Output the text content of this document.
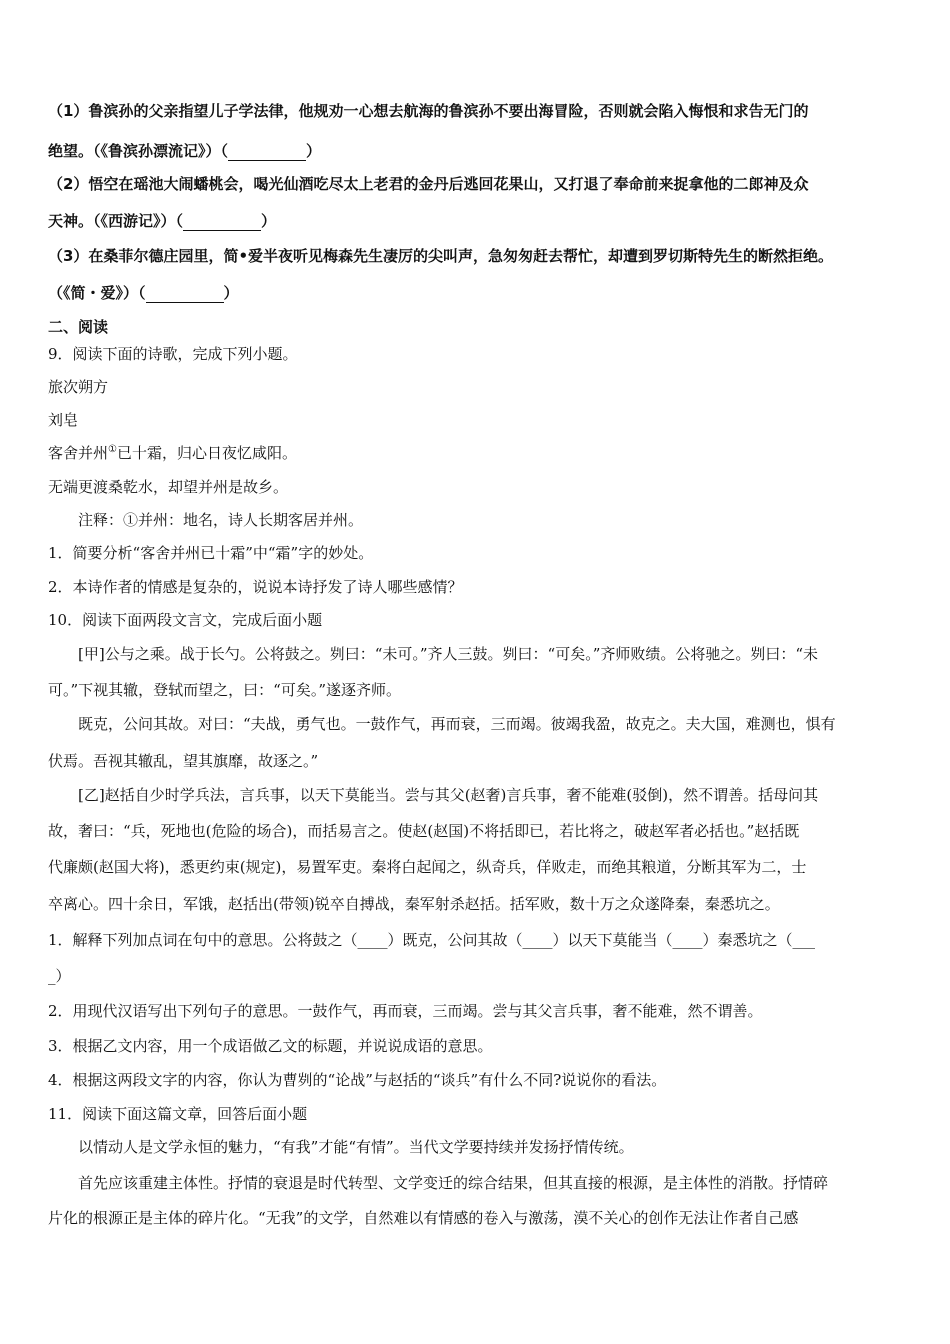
（1）鲁滨孙的父亲指望儿子学法律，他规劝一心想去航海的鲁滨孙不要出海冒险，否则就会陷入悔恨和求告无门的
绝望。（《鲁滨孙漂流记》）（	）
（2）悟空在瑶池大闹蟠桃会，喝光仙酒吃尽太上老君的金丹后逃回花果山，又打退了奉命前来捉拿他的二郎神及众
天神。（《西游记》）（	）
（3）在桑菲尔德庄园里，简•爱半夜听见梅森先生凄厉的尖叫声，急匆匆赶去帮忙，却遭到罗切斯特先生的断然拒绝。
（《简・爱》）（	）
二、阅读
9．阅读下面的诗歌，完成下列小题。
旅次朔方
刘皂
客舍并州①已十霜，归心日夜忆咸阳。
无端更渡桑乾水，却望并州是故乡。
注释：①并州：地名，诗人长期客居并州。
1．简要分析“客舍并州已十霜”中“霜”字的妙处。
2．本诗作者的情感是复杂的，说说本诗抒发了诗人哪些感情？
10．阅读下面两段文言文，完成后面小题
[甲]公与之乘。战于长勺。公将鼓之。刿曰：“未可。”齐人三鼓。刿曰：“可矣。”齐师败绩。公将驰之。刿曰：“未
可。”下视其辙，登轼而望之，曰：“可矣。”遂逐齐师。
既克，公问其故。对曰：“夫战，勇气也。一鼓作气，再而衰，三而竭。彼竭我盈，故克之。夫大国，难测也，惧有
伏焉。吾视其辙乱，望其旗靡，故逐之。”
[乙]赵括自少时学兵法，言兵事，以天下莫能当。尝与其父(赵奢)言兵事，奢不能难(驳倒)，然不谓善。括母问其
故，奢曰：“兵，死地也(危险的场合)，而括易言之。使赵(赵国)不将括即已，若比将之，破赵军者必括也。”赵括既
代廉颇(赵国大将)，悉更约束(规定)，易置军吏。秦将白起闻之，纵奇兵，佯败走，而绝其粮道，分断其军为二，士
卒离心。四十余日，军饿，赵括出(带领)锐卒自搏战，秦军射杀赵括。括军败，数十万之众遂降秦，秦悉坑之。
1．解释下列加点词在句中的意思。公将鼓之（____）既克，公问其故（____）以天下莫能当（____）秦悉坑之（___
_）
2．用现代汉语写出下列句子的意思。一鼓作气，再而衰，三而竭。尝与其父言兵事，奢不能难，然不谓善。
3．根据乙文内容，用一个成语做乙文的标题，并说说成语的意思。
4．根据这两段文字的内容，你认为曹刿的“论战”与赵括的“谈兵”有什么不同?说说你的看法。
11．阅读下面这篇文章，回答后面小题
以情动人是文学永恒的魅力，“有我”才能“有情”。当代文学要持续并发扬抒情传统。
首先应该重建主体性。抒情的衰退是时代转型、文学变迁的综合结果，但其直接的根源，是主体性的消散。抒情碎
片化的根源正是主体的碎片化。“无我”的文学，自然难以有情感的卷入与激荡，漠不关心的创作无法让作者自己感
